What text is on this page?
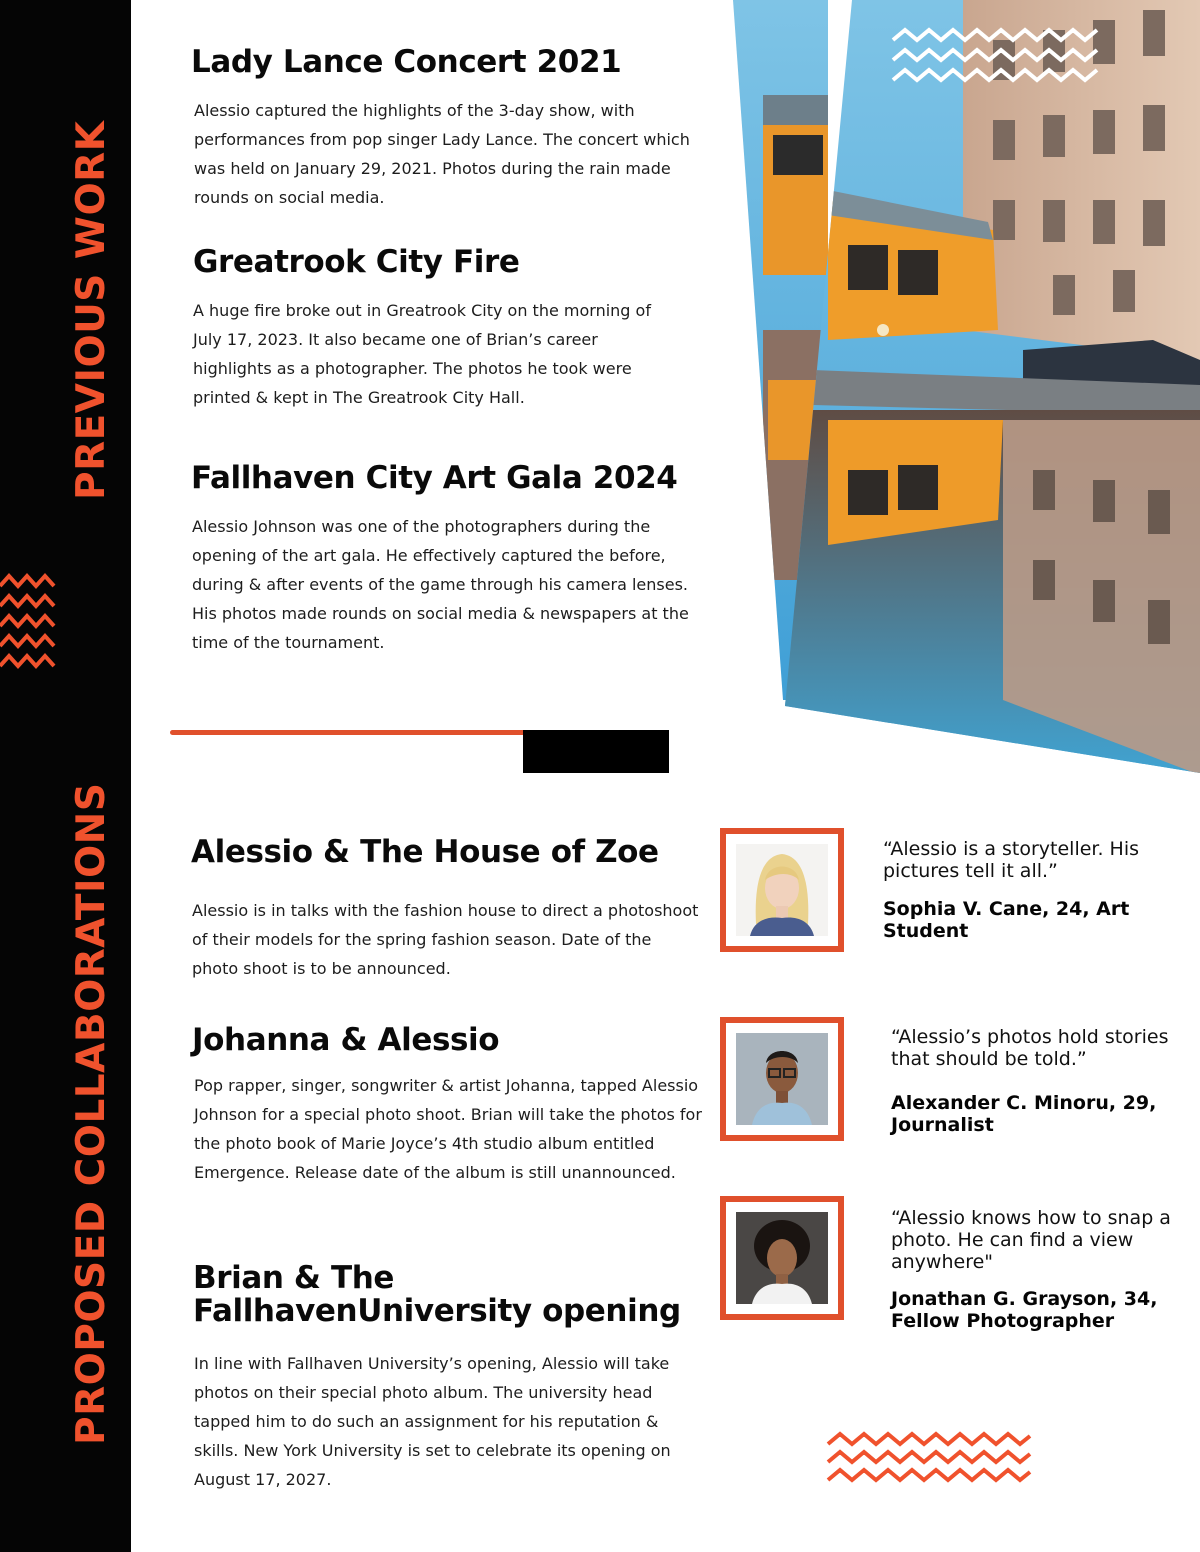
PREVIOUS WORK
PROPOSED COLLABORATIONS
Lady Lance Concert 2021
Alessio captured the highlights of the 3-day show, with performances from pop singer Lady Lance. The concert which was held on January 29, 2021. Photos during the rain made rounds on social media.
Greatrook City Fire
A huge fire broke out in Greatrook City on the morning of July 17, 2023. It also became one of Brian’s career highlights as a photographer. The photos he took were printed & kept in The Greatrook City Hall.
Fallhaven City Art Gala 2024
Alessio Johnson was one of the photographers during the opening of the art gala. He effectively captured the before, during & after events of the game through his camera lenses. His photos made rounds on social media & newspapers at the time of the tournament.
Alessio & The House of Zoe
Alessio is in talks with the fashion house to direct a photoshoot of their models for the spring fashion season. Date of the photo shoot is to be announced.
Johanna & Alessio
Pop rapper, singer, songwriter & artist Johanna, tapped Alessio Johnson for a special photo shoot. Brian will take the photos for the photo book of Marie Joyce’s 4th studio album entitled Emergence. Release date of the album is still unannounced.
Brian & The FallhavenUniversity opening
In line with Fallhaven University’s opening, Alessio will take photos on their special photo album. The university head tapped him to do such an assignment for his reputation & skills. New York University is set to celebrate its opening on August 17, 2027.
“Alessio is a storyteller. His pictures tell it all.”
Sophia V. Cane, 24, Art Student
“Alessio’s photos hold stories that should be told.”
Alexander C. Minoru, 29, Journalist
“Alessio knows how to snap a photo. He can find a view anywhere"
Jonathan G. Grayson, 34, Fellow Photographer
